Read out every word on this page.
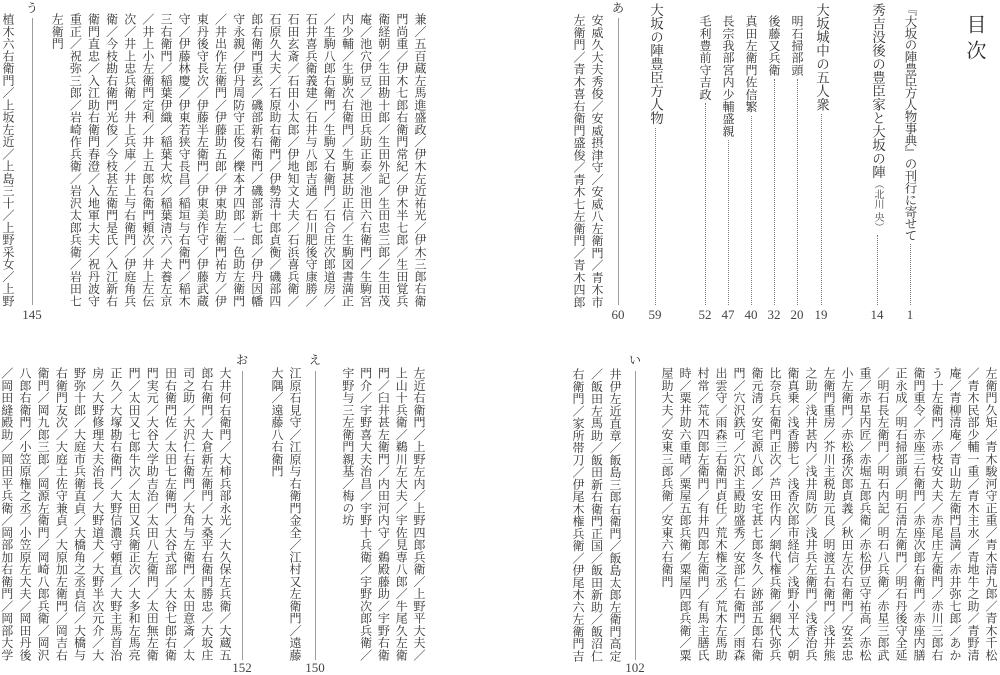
目次
『大坂の陣豊臣方人物事典』の刊行に寄せて
1
秀吉没後の豊臣家と大坂の陣
（北川 央）
14
大坂城中の五人衆
19
明石掃部頭
20
後藤又兵衛
32
真田左衛門佐信繁
40
長宗我部宮内少輔盛親
47
毛利豊前守吉政
52
大坂の陣豊臣方人物
59
あ
60
安威久大夫秀俊／安威摂津守／安威八左衛門／青木市
左衛門／青木喜右衛門盛俊／青木七左衛門／青木四郎
左衛門久矩／青木駿河守正重／青木清九郎／青木千松
／青木民部少輔一重／青木主水／青地牛之助／青野清
庵／青柳清庵／青山助左衛門昌満／赤井弥七郎／あか
う十左衛門／赤枝安大夫／赤尾庄左衛門／赤川三郎右
衛門重令／赤座三右衛門／赤座次郎右衛門／赤座内膳
正永成／明石掃部頭／明石清左衛門／明石丹後守全延
／明石長左衛門／明石内記／明石八兵衛／赤星三郎武
重／赤星内匠／赤堀五郎兵衛／赤松伊豆守祐高／赤松
小左衛門／赤松孫次郎貞義／秋田左次右衛門／安芸忠
左衛門重房／芥川主税助元良／明渡五右衛門／浅井熊
之助／浅井甚内／浅井周防／浅井兵左衛門／浅香治兵
衛真乗／浅香勝七／浅香次郎市経信／浅野小平太／朝
比奈兵右衛門正次／芦田作内／網代権兵衛／網代弥兵
衛元清／安宅源八郎／安宅甚七郎冬久／跡部五郎右衛
門／穴沢鉄可／穴沢主殿助盛秀／安部仁右衛門／雨森
出雲守／雨森三右衛門貞任／荒木権之丞／荒木左馬助
村常／荒木四郎左衛門／有井四郎左衛門／有馬主膳氏
時／粟井助六重晴／粟屋五郎兵衛／粟屋四郎兵衛／粟
屋助大夫／安東三郎兵衛／安東六右衛門
い
102
井伊左近直章／飯島三郎右衛門／飯島太郎左衛門高定
／飯田左馬助／飯田新右衛門正国／飯田新助／飯沼仁
右衛門／家所帯刀／伊尾木権兵衛／伊尾木六左衛門吉
兼／五百蔵左馬進盛政／伊木左近祐光／伊木三郎右衛
門尚重／伊木七郎右衛門常紀／伊木半七郎／生田覚兵
衛経朝／生田勘十郎／生田外記／生田忠三郎／生田茂
庵／池穴伊豆／池田兵助正泰／池田六右衛門／生駒宮
内少輔／生駒次右衛門／生駒甚助正信／生駒図書満正
／生駒八郎右衛門／生駒又右衛門／石合庄次郎道房／
石井喜兵衛義建／石井与八郎吉通／石川肥後守康勝／
石田玄斎／石田小太郎／伊地知文大夫／石浜喜兵衛／
石原久大夫／石原助右衛門／伊勢清十郎貞衡／磯部四
郎右衛門重玄／磯部新右衛門／磯部新七郎／伊丹因幡
守永親／伊丹周防守正俊／櫟本才四郎／一色助左衛門
／井出作左衛門／伊藤助五郎／伊東助左衛門祐方／伊
東丹後守長次／伊藤半左衛門／伊東美作守／伊藤武蔵
守／伊藤林慶／伊東若狭守長昌／稲垣与右衛門／稲木
三右衛門／稲葉伊織／稲葉大炊／稲葉清六／犬養左京
／井上小左衛門定利／井上五郎右衛門頼次／井上左伝
次／井上忠兵衛／井上兵庫／井上与右衛門／伊庭角兵
衛／今枝勘右衛門光俊／今枝甚左衛門是氏／入江新右
衛門直忠／入江助右衛門春澄／入地軍大夫／祝丹波守
重正／祝弥三郎／岩崎作兵衛／岩沢太郎兵衛／岩田七
左衛門
う
145
植木六右衛門／上坂左近／上島三十／上野采女／上野
左近右衛門／上野左内／上野四郎兵衛／上野平大夫／
上山十兵衛／鵜川左大夫／宇佐見専八郎／牛尾久左衛
門／臼井甚左衛門／内田河内守／鵜殿藤助／宇野右衛
門介／宇野喜大夫治昌／宇野十兵衛／宇野次郎兵衛／
宇野与三左衛門親基／梅の坊
え
150
江原石見守／江原与右衛門金全／江村又左衛門／遠藤
大隅／遠藤八右衛門
お
152
大井何右衛門／大柿兵部永光／大久保左兵衛／大蔵五
郎右衛門／大倉新左衛門／大桑平右衛門勝忠／大坂庄
司之助／大沢仁右衛門／大角与左衛門／太田意斎／太
田右衛門佐／太田七左衛門／大谷式部／大谷七郎右衛
門実元／大谷大学助吉治／太田八左衛門／太田無左衛
門／太田又七郎牛次／太田又兵衛正次／大多和左馬亮
正久／大塚勘右衛門／大野信濃守頼直／大野主馬首治
房／大野修理大夫治長／大野道犬／大野半次元介／大
野弥十郎／大庭市兵衛直貞／大橋角之丞貞信／大橋与
右衛門友次／大庭土佐守兼貞／大原加左衛門／岡吉右
衛門／岡九郎三郎／岡源左衛門／岡崎八郎兵衛／岡沢
八郎右衛門／小笠原権之丞／小笠原左大夫／岡田丹後
／岡田縫殿助／岡田平兵衛／岡部加右衛門／岡部大学
